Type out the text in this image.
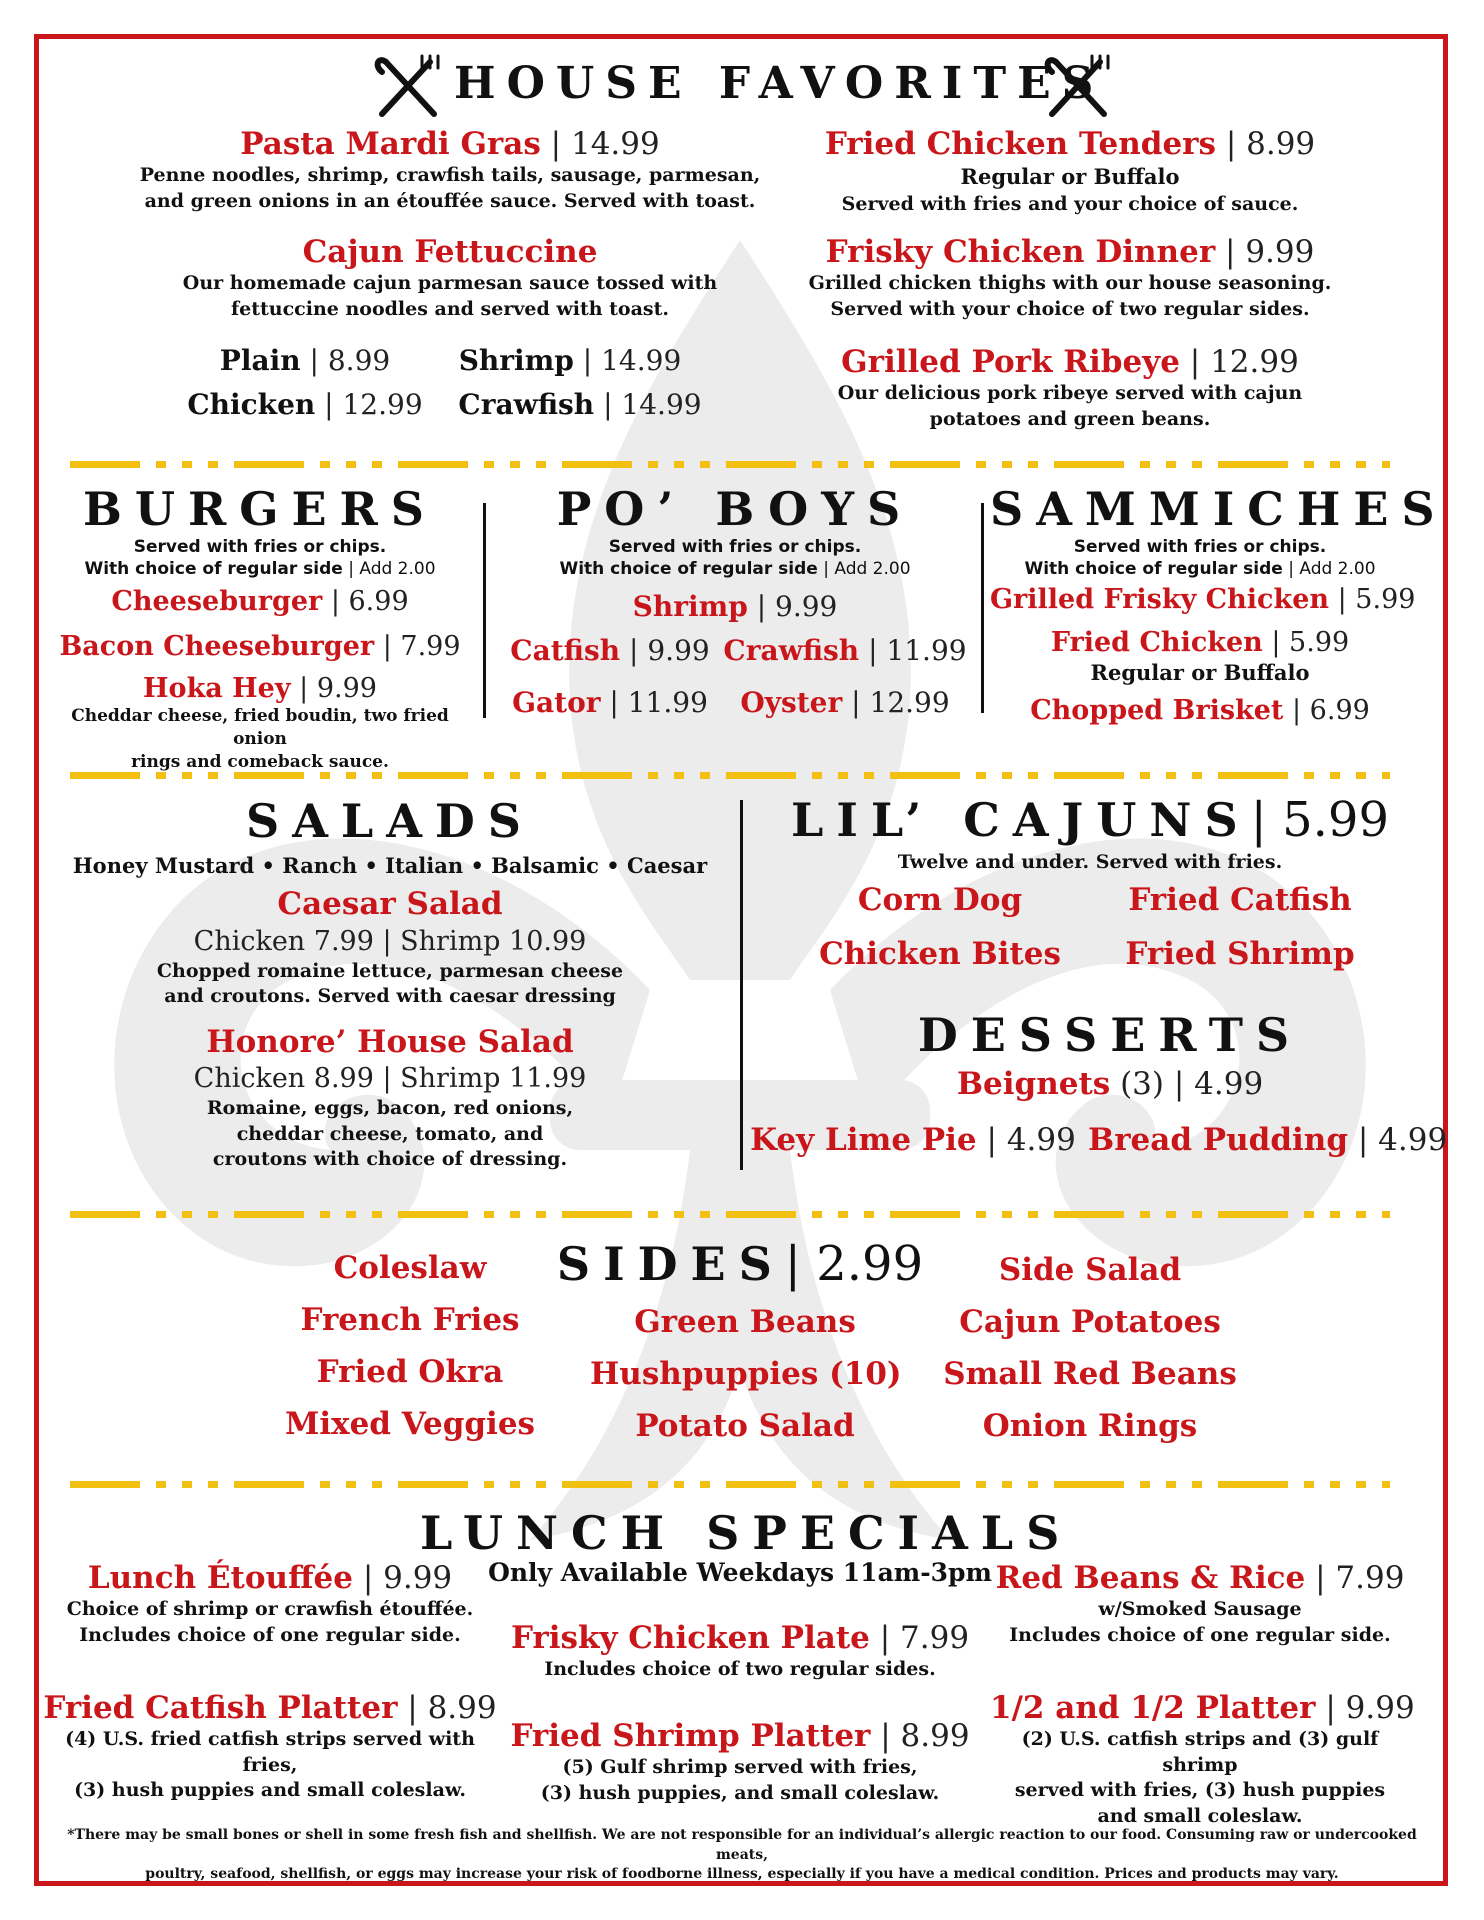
HOUSE FAVORITES
Pasta Mardi Gras | 14.99
Penne noodles, shrimp, crawfish tails, sausage, parmesan,
and green onions in an étouffée sauce. Served with toast.
Cajun Fettuccine
Our homemade cajun parmesan sauce tossed with
fettuccine noodles and served with toast.
Plain | 8.99	Shrimp | 14.99
Chicken | 12.99	Crawfish | 14.99
Fried Chicken Tenders | 8.99
Regular or Buffalo
Served with fries and your choice of sauce.
Frisky Chicken Dinner | 9.99
Grilled chicken thighs with our house seasoning.
Served with your choice of two regular sides.
Grilled Pork Ribeye | 12.99
Our delicious pork ribeye served with cajun
potatoes and green beans.
BURGERS
Served with fries or chips.
With choice of regular side | Add 2.00
Cheeseburger | 6.99
Bacon Cheeseburger | 7.99
Hoka Hey | 9.99
Cheddar cheese, fried boudin, two fried onion
rings and comeback sauce.
PO’ BOYS
Served with fries or chips.
With choice of regular side | Add 2.00
Shrimp | 9.99
Catfish | 9.99 Crawfish | 11.99
Gator | 11.99	Oyster | 12.99
SAMMICHES
Served with fries or chips.
With choice of regular side | Add 2.00
Grilled Frisky Chicken | 5.99
Fried Chicken | 5.99
Regular or Buffalo
Chopped Brisket | 6.99
SALADS
Honey Mustard • Ranch • Italian • Balsamic • Caesar
Caesar Salad
Chicken 7.99 | Shrimp 10.99
Chopped romaine lettuce, parmesan cheese
and croutons. Served with caesar dressing
Honore’ House Salad
Chicken 8.99 | Shrimp 11.99
Romaine, eggs, bacon, red onions,
cheddar cheese, tomato, and
croutons with choice of dressing.
LIL’ CAJUNS| 5.99
Twelve and under. Served with fries.
Corn Dog	Fried Catfish
Chicken Bites	Fried Shrimp
DESSERTS
Beignets (3) | 4.99
Key Lime Pie | 4.99 Bread Pudding | 4.99
SIDES| 2.99
Coleslaw
French Fries
Fried Okra
Mixed Veggies
Green Beans
Hushpuppies (10)
Potato Salad
Side Salad
Cajun Potatoes
Small Red Beans
Onion Rings
LUNCH SPECIALS
Only Available Weekdays 11am-3pm
Lunch Étouffée | 9.99
Choice of shrimp or crawfish étouffée.
Includes choice of one regular side.
Fried Catfish Platter | 8.99
(4) U.S. fried catfish strips served with fries,
(3) hush puppies and small coleslaw.
Frisky Chicken Plate | 7.99
Includes choice of two regular sides.
Fried Shrimp Platter | 8.99
(5) Gulf shrimp served with fries,
(3) hush puppies, and small coleslaw.
Red Beans & Rice | 7.99
w/Smoked Sausage
Includes choice of one regular side.
1/2 and 1/2 Platter | 9.99
(2) U.S. catfish strips and (3) gulf shrimp
served with fries, (3) hush puppies
and small coleslaw.
*There may be small bones or shell in some fresh fish and shellfish. We are not responsible for an individual’s allergic reaction to our food. Consuming raw or undercooked meats,
poultry, seafood, shellfish, or eggs may increase your risk of foodborne illness, especially if you have a medical condition. Prices and products may vary.
